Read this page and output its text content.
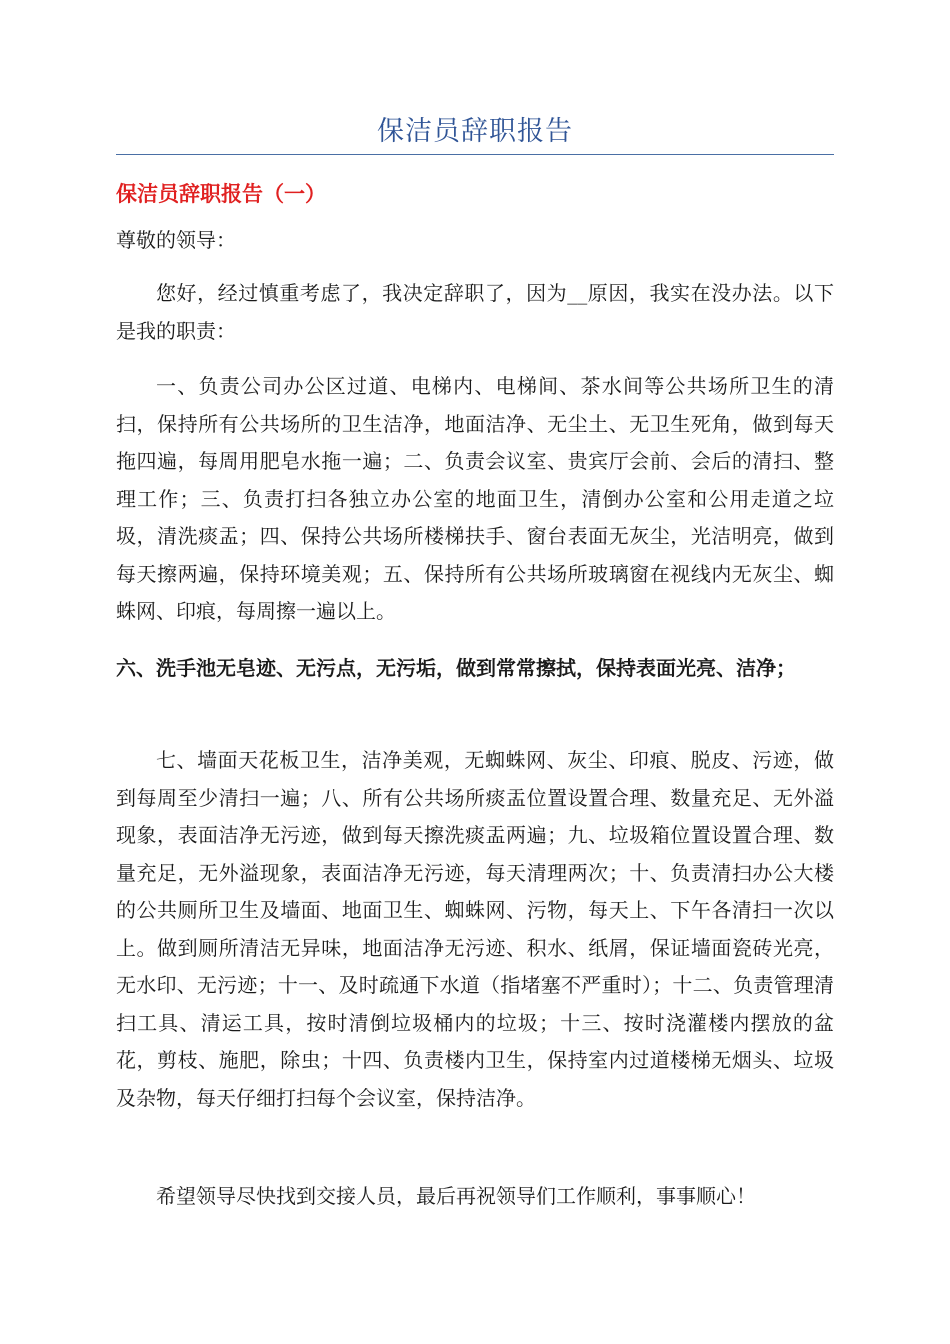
保洁员辞职报告
保洁员辞职报告（一）

尊敬的领导：

您好，经过慎重考虑了，我决定辞职了，因为__原因，我实在没办法。以下是我的职责：

一、负责公司办公区过道、电梯内、电梯间、茶水间等公共场所卫生的清扫，保持所有公共场所的卫生洁净，地面洁净、无尘土、无卫生死角，做到每天拖四遍，每周用肥皂水拖一遍；二、负责会议室、贵宾厅会前、会后的清扫、整理工作；三、负责打扫各独立办公室的地面卫生，清倒办公室和公用走道之垃圾，清洗痰盂；四、保持公共场所楼梯扶手、窗台表面无灰尘，光洁明亮，做到每天擦两遍，保持环境美观；五、保持所有公共场所玻璃窗在视线内无灰尘、蜘蛛网、印痕，每周擦一遍以上。

六、洗手池无皂迹、无污点，无污垢，做到常常擦拭，保持表面光亮、洁净；

七、墙面天花板卫生，洁净美观，无蜘蛛网、灰尘、印痕、脱皮、污迹，做到每周至少清扫一遍；八、所有公共场所痰盂位置设置合理、数量充足、无外溢现象，表面洁净无污迹，做到每天擦洗痰盂两遍；九、垃圾箱位置设置合理、数量充足，无外溢现象，表面洁净无污迹，每天清理两次；十、负责清扫办公大楼的公共厕所卫生及墙面、地面卫生、蜘蛛网、污物，每天上、下午各清扫一次以上。做到厕所清洁无异味，地面洁净无污迹、积水、纸屑，保证墙面瓷砖光亮，无水印、无污迹；十一、及时疏通下水道（指堵塞不严重时）；十二、负责管理清扫工具、清运工具，按时清倒垃圾桶内的垃圾；十三、按时浇灌楼内摆放的盆花，剪枝、施肥，除虫；十四、负责楼内卫生，保持室内过道楼梯无烟头、垃圾及杂物，每天仔细打扫每个会议室，保持洁净。

希望领导尽快找到交接人员，最后再祝领导们工作顺利，事事顺心！
